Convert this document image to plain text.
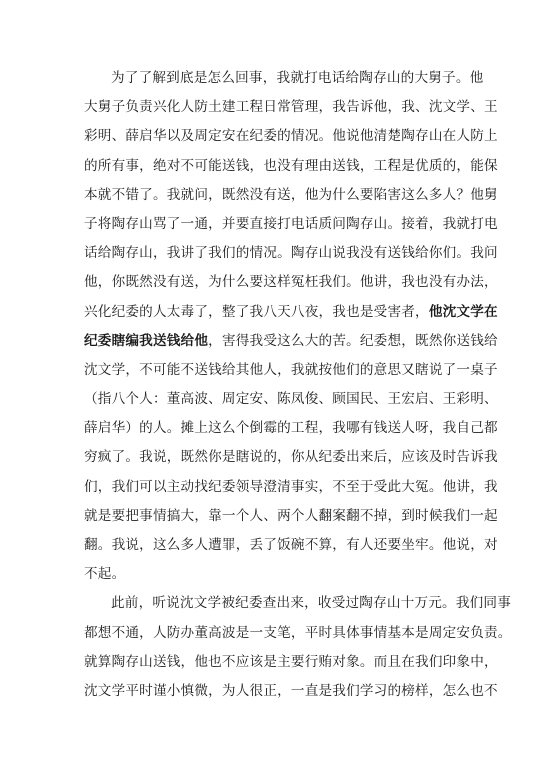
为了了解到底是怎么回事，我就打电话给陶存山的大舅子。他
大舅子负责兴化人防土建工程日常管理，我告诉他，我、沈文学、王
彩明、薛启华以及周定安在纪委的情况。他说他清楚陶存山在人防上
的所有事，绝对不可能送钱，也没有理由送钱，工程是优质的，能保
本就不错了。我就问，既然没有送，他为什么要陷害这么多人？他舅
子将陶存山骂了一通，并要直接打电话质问陶存山。接着，我就打电
话给陶存山，我讲了我们的情况。陶存山说我没有送钱给你们。我问
他，你既然没有送，为什么要这样冤枉我们。他讲，我也没有办法，
兴化纪委的人太毒了，整了我八天八夜，我也是受害者，他沈文学在
纪委瞎编我送钱给他，害得我受这么大的苦。纪委想，既然你送钱给
沈文学，不可能不送钱给其他人，我就按他们的意思又瞎说了一桌子
（指八个人：董高波、周定安、陈凤俊、顾国民、王宏启、王彩明、
薛启华）的人。摊上这么个倒霉的工程，我哪有钱送人呀，我自己都
穷疯了。我说，既然你是瞎说的，你从纪委出来后，应该及时告诉我
们，我们可以主动找纪委领导澄清事实，不至于受此大冤。他讲，我
就是要把事情搞大，靠一个人、两个人翻案翻不掉，到时候我们一起
翻。我说，这么多人遭罪，丢了饭碗不算，有人还要坐牢。他说，对
不起。
此前，听说沈文学被纪委查出来，收受过陶存山十万元。我们同事
都想不通，人防办董高波是一支笔，平时具体事情基本是周定安负责。
就算陶存山送钱，他也不应该是主要行贿对象。而且在我们印象中，
沈文学平时谨小慎微，为人很正，一直是我们学习的榜样，怎么也不
